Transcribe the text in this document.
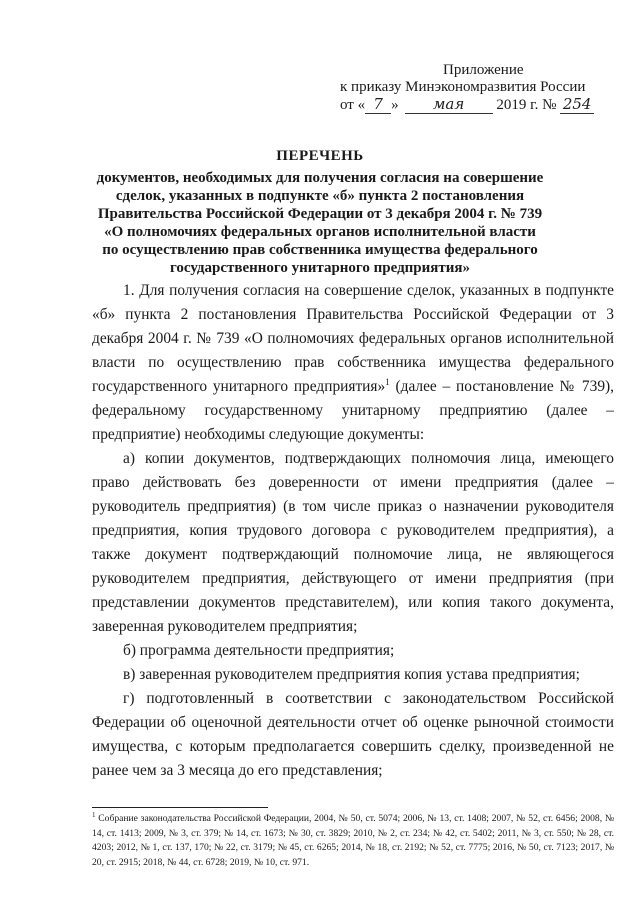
Приложение
к приказу Минэкономразвития России
от « 7 » мая 2019 г. № 254
ПЕРЕЧЕНЬ
документов, необходимых для получения согласия на совершение
сделок, указанных в подпункте «б» пункта 2 постановления
Правительства Российской Федерации от 3 декабря 2004 г. № 739
«О полномочиях федеральных органов исполнительной власти
по осуществлению прав собственника имущества федерального
государственного унитарного предприятия»

1. Для получения согласия на совершение сделок, указанных в подпункте «б» пункта 2 постановления Правительства Российской Федерации от 3 декабря 2004 г. № 739 «О полномочиях федеральных органов исполнительной власти по осуществлению прав собственника имущества федерального государственного унитарного предприятия»$^1$ (далее – постановление № 739), федеральному государственному унитарному предприятию (далее – предприятие) необходимы следующие документы:

а) копии документов, подтверждающих полномочия лица, имеющего право действовать без доверенности от имени предприятия (далее – руководитель предприятия) (в том числе приказ о назначении руководителя предприятия, копия трудового договора с руководителем предприятия), а также документ подтверждающий полномочие лица, не являющегося руководителем предприятия, действующего от имени предприятия (при представлении документов представителем), или копия такого документа, заверенная руководителем предприятия;

б) программа деятельности предприятия;

в) заверенная руководителем предприятия копия устава предприятия;

г) подготовленный в соответствии с законодательством Российской Федерации об оценочной деятельности отчет об оценке рыночной стоимости имущества, с которым предполагается совершить сделку, произведенной не ранее чем за 3 месяца до его представления;

$^1$ Собрание законодательства Российской Федерации, 2004, № 50, ст. 5074; 2006, № 13, ст. 1408; 2007, № 52, ст. 6456; 2008, № 14, ст. 1413; 2009, № 3, ст. 379; № 14, ст. 1673; № 30, ст. 3829; 2010, № 2, ст. 234; № 42, ст. 5402; 2011, № 3, ст. 550; № 28, ст. 4203; 2012, № 1, ст. 137, 170; № 22, ст. 3179; № 45, ст. 6265; 2014, № 18, ст. 2192; № 52, ст. 7775; 2016, № 50, ст. 7123; 2017, № 20, ст. 2915; 2018, № 44, ст. 6728; 2019, № 10, ст. 971.
